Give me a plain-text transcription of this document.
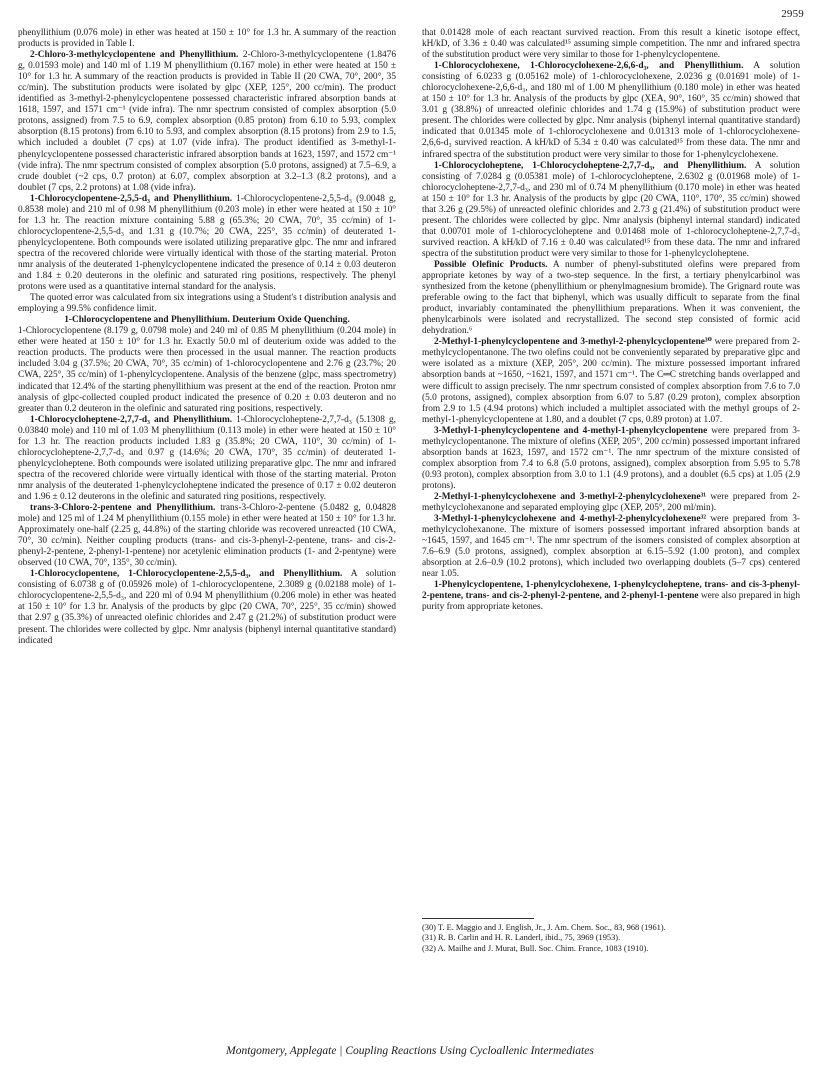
2959

phenyllithium (0.076 mole) in ether was heated at 150 ± 10° for 1.3 hr. A summary of the reaction products is provided in Table I.

2-Chloro-3-methylcyclopentene and Phenyllithium. 2-Chloro-3-methylcyclopentene (1.8476 g, 0.01593 mole) and 140 ml of 1.19 M phenyllithium (0.167 mole) in ether were heated at 150 ± 10° for 1.3 hr. A summary of the reaction products is provided in Table II (20 CWA, 70°, 200°, 35 cc/min). The substitution products were isolated by glpc (XEP, 125°, 200 cc/min). The product identified as 3-methyl-2-phenylcyclopentene possessed characteristic infrared absorption bands at 1618, 1597, and 1571 cm⁻¹ (vide infra). The nmr spectrum consisted of complex absorption (5.0 protons, assigned) from 7.5 to 6.9, complex absorption (0.85 proton) from 6.10 to 5.93, complex absorption (8.15 protons) from 6.10 to 5.93, and complex absorption (8.15 protons) from 2.9 to 1.5, which included a doublet (7 cps) at 1.07 (vide infra). The product identified as 3-methyl-1-phenylcyclopentene possessed characteristic infrared absorption bands at 1623, 1597, and 1572 cm⁻¹ (vide infra). The nmr spectrum consisted of complex absorption (5.0 protons, assigned) at 7.5–6.9, a crude doublet (~2 cps, 0.7 proton) at 6.07, complex absorption at 3.2–1.3 (8.2 protons), and a doublet (7 cps, 2.2 protons) at 1.08 (vide infra).

1-Chlorocyclopentene-2,5,5-d₃ and Phenyllithium. 1-Chlorocyclopentene-2,5,5-d₃ (9.0048 g, 0.8538 mole) and 210 ml of 0.98 M phenyllithium (0.203 mole) in ether were heated at 150 ± 10° for 1.3 hr. The reaction mixture containing 5.88 g (65.3%; 20 CWA, 70°, 35 cc/min) of 1-chlorocyclopentene-2,5,5-d₃ and 1.31 g (10.7%; 20 CWA, 225°, 35 cc/min) of deuterated 1-phenylcyclopentene. Both compounds were isolated utilizing preparative glpc. The nmr and infrared spectra of the recovered chloride were virtually identical with those of the starting material. Proton nmr analysis of the deuterated 1-phenylcyclopentene indicated the presence of 0.14 ± 0.03 deuteron and 1.84 ± 0.20 deuterons in the olefinic and saturated ring positions, respectively. The phenyl protons were used as a quantitative internal standard for the analysis.

The quoted error was calculated from six integrations using a Student's t distribution analysis and employing a 99.5% confidence limit.

1-Chlorocyclopentene and Phenyllithium. Deuterium Oxide Quenching.

1-Chlorocyclopentene (8.179 g, 0.0798 mole) and 240 ml of 0.85 M phenyllithium (0.204 mole) in ether were heated at 150 ± 10° for 1.3 hr. Exactly 50.0 ml of deuterium oxide was added to the reaction products. The products were then processed in the usual manner. The reaction products included 3.04 g (37.5%; 20 CWA, 70°, 35 cc/min) of 1-chlorocyclopentene and 2.76 g (23.7%; 20 CWA, 225°, 35 cc/min) of 1-phenylcyclopentene. Analysis of the benzene (glpc, mass spectrometry) indicated that 12.4% of the starting phenyllithium was present at the end of the reaction. Proton nmr analysis of glpc-collected coupled product indicated the presence of 0.20 ± 0.03 deuteron and no greater than 0.2 deuteron in the olefinic and saturated ring positions, respectively.

1-Chlorocycloheptene-2,7,7-d₃ and Phenyllithium. 1-Chlorocycloheptene-2,7,7-d₃ (5.1308 g, 0.03840 mole) and 110 ml of 1.03 M phenyllithium (0.113 mole) in ether were heated at 150 ± 10° for 1.3 hr. The reaction products included 1.83 g (35.8%; 20 CWA, 110°, 30 cc/min) of 1-chlorocycloheptene-2,7,7-d₃ and 0.97 g (14.6%; 20 CWA, 170°, 35 cc/min) of deuterated 1-phenylcycloheptene. Both compounds were isolated utilizing preparative glpc. The nmr and infrared spectra of the recovered chloride were virtually identical with those of the starting material. Proton nmr analysis of the deuterated 1-phenylcycloheptene indicated the presence of 0.17 ± 0.02 deuteron and 1.96 ± 0.12 deuterons in the olefinic and saturated ring positions, respectively.

trans-3-Chloro-2-pentene and Phenyllithium. trans-3-Chloro-2-pentene (5.0482 g, 0.04828 mole) and 125 ml of 1.24 M phenyllithium (0.155 mole) in ether were heated at 150 ± 10° for 1.3 hr. Approximately one-half (2.25 g, 44.8%) of the starting chloride was recovered unreacted (10 CWA, 70°, 30 cc/min). Neither coupling products (trans- and cis-3-phenyl-2-pentene, trans- and cis-2-phenyl-2-pentene, 2-phenyl-1-pentene) nor acetylenic elimination products (1- and 2-pentyne) were observed (10 CWA, 70°, 135°, 30 cc/min).

1-Chlorocyclopentene, 1-Chlorocyclopentene-2,5,5-d₃, and Phenyllithium. A solution consisting of 6.0738 g of (0.05926 mole) of 1-chlorocyclopentene, 2.3089 g (0.02188 mole) of 1-chlorocyclopentene-2,5,5-d₃, and 220 ml of 0.94 M phenyllithium (0.206 mole) in ether was heated at 150 ± 10° for 1.3 hr. Analysis of the products by glpc (20 CWA, 70°, 225°, 35 cc/min) showed that 2.97 g (35.3%) of unreacted olefinic chlorides and 2.47 g (21.2%) of substitution product were present. The chlorides were collected by glpc. Nmr analysis (biphenyl internal quantitative standard) indicated

that 0.01428 mole of each reactant survived reaction. From this result a kinetic isotope effect, kH/kD, of 3.36 ± 0.40 was calculated¹⁵ assuming simple competition. The nmr and infrared spectra of the substitution product were very similar to those for 1-phenylcyclopentene.

1-Chlorocyclohexene, 1-Chlorocyclohexene-2,6,6-d₃, and Phenyllithium. A solution consisting of 6.0233 g (0.05162 mole) of 1-chlorocyclohexene, 2.0236 g (0.01691 mole) of 1-chlorocyclohexene-2,6,6-d₃, and 180 ml of 1.00 M phenyllithium (0.180 mole) in ether was heated at 150 ± 10° for 1.3 hr. Analysis of the products by glpc (XEA, 90°, 160°, 35 cc/min) showed that 3.01 g (38.8%) of unreacted olefinic chlorides and 1.74 g (15.9%) of substitution product were present. The chlorides were collected by glpc. Nmr analysis (biphenyl internal quantitative standard) indicated that 0.01345 mole of 1-chlorocyclohexene and 0.01313 mole of 1-chlorocyclohexene-2,6,6-d₃ survived reaction. A kH/kD of 5.34 ± 0.40 was calculated¹⁵ from these data. The nmr and infrared spectra of the substitution product were very similar to those for 1-phenylcyclohexene.

1-Chlorocycloheptene, 1-Chlorocycloheptene-2,7,7-d₃, and Phenyllithium. A solution consisting of 7.0284 g (0.05381 mole) of 1-chlorocycloheptene, 2.6302 g (0.01968 mole) of 1-chlorocycloheptene-2,7,7-d₃, and 230 ml of 0.74 M phenyllithium (0.170 mole) in ether was heated at 150 ± 10° for 1.3 hr. Analysis of the products by glpc (20 CWA, 110°, 170°, 35 cc/min) showed that 3.26 g (29.5%) of unreacted olefinic chlorides and 2.73 g (21.4%) of substitution product were present. The chlorides were collected by glpc. Nmr analysis (biphenyl internal standard) indicated that 0.00701 mole of 1-chlorocycloheptene and 0.01468 mole of 1-chlorocycloheptene-2,7,7-d₃ survived reaction. A kH/kD of 7.16 ± 0.40 was calculated¹⁵ from these data. The nmr and infrared spectra of the substitution product were very similar to those for 1-phenylcycloheptene.

Possible Olefinic Products. A number of phenyl-substituted olefins were prepared from appropriate ketones by way of a two-step sequence. In the first, a tertiary phenylcarbinol was synthesized from the ketone (phenyllithium or phenylmagnesium bromide). The Grignard route was preferable owing to the fact that biphenyl, which was usually difficult to separate from the final product, invariably contaminated the phenyllithium preparations. When it was convenient, the phenylcarbinols were isolated and recrystallized. The second step consisted of formic acid dehydration.⁶

2-Methyl-1-phenylcyclopentene and 3-methyl-2-phenylcyclopentene³⁰ were prepared from 2-methylcyclopentanone. The two olefins could not be conveniently separated by preparative glpc and were isolated as a mixture (XEP, 205°, 200 cc/min). The mixture possessed important infrared absorption bands at ~1650, ~1621, 1597, and 1571 cm⁻¹. The C═C stretching bands overlapped and were difficult to assign precisely. The nmr spectrum consisted of complex absorption from 7.6 to 7.0 (5.0 protons, assigned), complex absorption from 6.07 to 5.87 (0.29 proton), complex absorption from 2.9 to 1.5 (4.94 protons) which included a multiplet associated with the methyl groups of 2-methyl-1-phenylcyclopentene at 1.80, and a doublet (7 cps, 0.89 proton) at 1.07.

3-Methyl-1-phenylcyclopentene and 4-methyl-1-phenylcyclopentene were prepared from 3-methylcyclopentanone. The mixture of olefins (XEP, 205°, 200 cc/min) possessed important infrared absorption bands at 1623, 1597, and 1572 cm⁻¹. The nmr spectrum of the mixture consisted of complex absorption from 7.4 to 6.8 (5.0 protons, assigned), complex absorption from 5.95 to 5.78 (0.93 proton), complex absorption from 3.0 to 1.1 (4.9 protons), and a doublet (6.5 cps) at 1.05 (2.9 protons).

2-Methyl-1-phenylcyclohexene and 3-methyl-2-phenylcyclohexene³¹ were prepared from 2-methylcyclohexanone and separated employing glpc (XEP, 205°, 200 ml/min).

3-Methyl-1-phenylcyclohexene and 4-methyl-2-phenylcyclohexene³² were prepared from 3-methylcyclohexanone. The mixture of isomers possessed important infrared absorption bands at ~1645, 1597, and 1645 cm⁻¹. The nmr spectrum of the isomers consisted of complex absorption at 7.6–6.9 (5.0 protons, assigned), complex absorption at 6.15–5.92 (1.00 proton), and complex absorption at 2.6–0.9 (10.2 protons), which included two overlapping doublets (5–7 cps) centered near 1.05.

1-Phenylcyclopentene, 1-phenylcyclohexene, 1-phenylcycloheptene, trans- and cis-3-phenyl-2-pentene, trans- and cis-2-phenyl-2-pentene, and 2-phenyl-1-pentene were also prepared in high purity from appropriate ketones.

(30) T. E. Maggio and J. English, Jr., J. Am. Chem. Soc., 83, 968 (1961).
(31) R. B. Carlin and H. R. Landerl, ibid., 75, 3969 (1953).
(32) A. Mailhe and J. Murat, Bull. Soc. Chim. France, 1083 (1910).
Montgomery, Applegate | Coupling Reactions Using Cycloallenic Intermediates
